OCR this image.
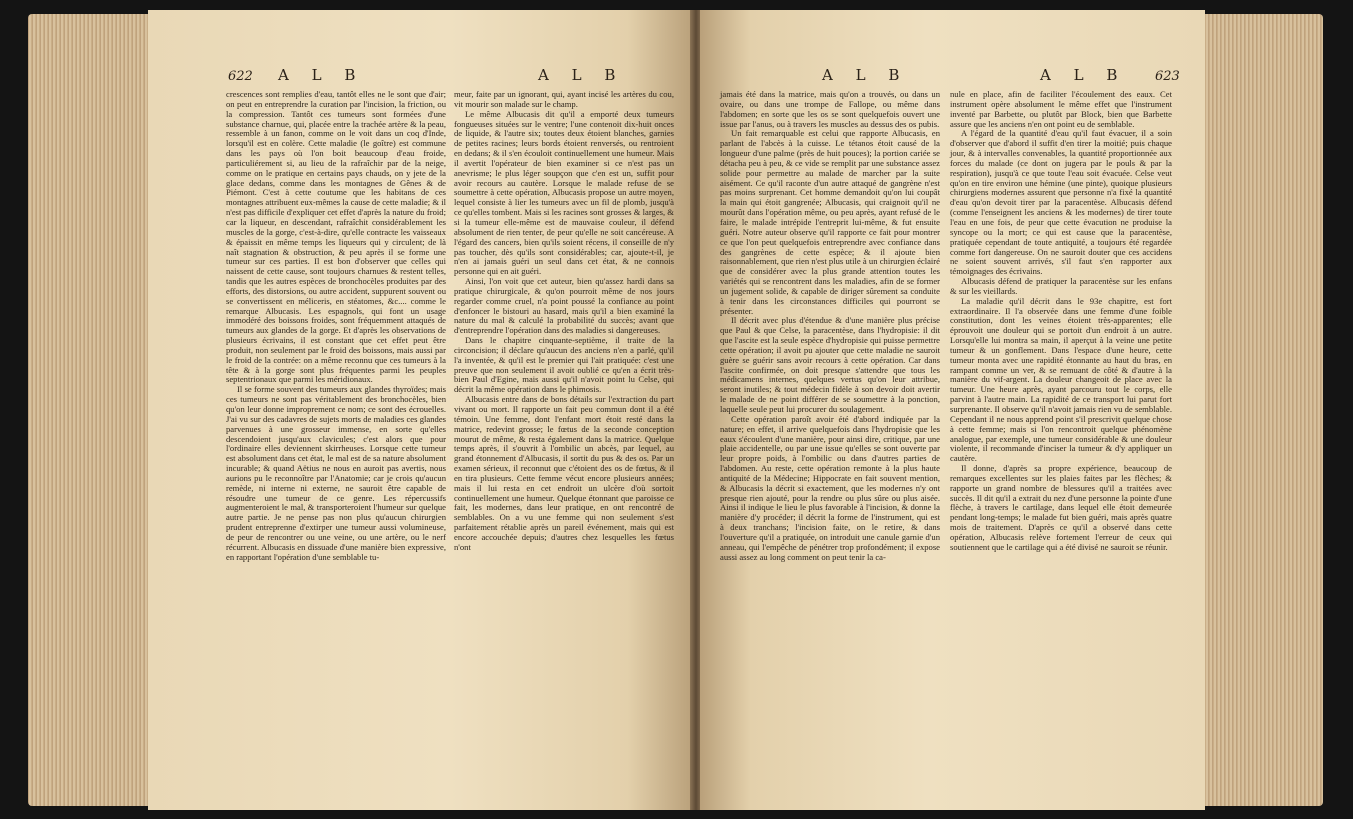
622 A L B	A L B

crescences sont remplies d'eau, tantôt elles ne le sont que d'air; on peut en entreprendre la curation par l'incision, la friction, ou la compression. Tantôt ces tumeurs sont formées d'une substance charnue, qui, placée entre la trachée artère & la peau, ressemble à un fanon, comme on le voit dans un coq d'Inde, lorsqu'il est en colère. Cette maladie (le goître) est commune dans les pays où l'on boit beaucoup d'eau froide, particuliérement si, au lieu de la rafraîchir par de la neige, comme on le pratique en certains pays chauds, on y jete de la glace dedans, comme dans les montagnes de Gênes & de Piémont. C'est à cette coutume que les habitans de ces montagnes attribuent eux-mêmes la cause de cette maladie; & il n'est pas difficile d'expliquer cet effet d'après la nature du froid; car la liqueur, en descendant, rafraîchit considérablement les muscles de la gorge, c'est-à-dire, qu'elle contracte les vaisseaux & épaissit en même temps les liqueurs qui y circulent; de là naît stagnation & obstruction, & peu après il se forme une tumeur sur ces parties. Il est bon d'observer que celles qui naissent de cette cause, sont toujours charnues & restent telles, tandis que les autres espèces de bronchocèles produites par des efforts, des distorsions, ou autre accident, suppurent souvent ou se convertissent en méliceris, en stéatomes, &c.... comme le remarque Albucasis. Les espagnols, qui font un usage immodéré des boissons froides, sont fréquemment attaqués de tumeurs aux glandes de la gorge. Et d'après les observations de plusieurs écrivains, il est constant que cet effet peut être produit, non seulement par le froid des boissons, mais aussi par le froid de la contrée: on a même reconnu que ces tumeurs à la tête & à la gorge sont plus fréquentes parmi les peuples septentrionaux que parmi les méridionaux.

Il se forme souvent des tumeurs aux glandes thyroïdes; mais ces tumeurs ne sont pas véritablement des bronchocèles, bien qu'on leur donne improprement ce nom; ce sont des écrouelles. J'ai vu sur des cadavres de sujets morts de maladies ces glandes parvenues à une grosseur immense, en sorte qu'elles descendoient jusqu'aux clavicules; c'est alors que pour l'ordinaire elles deviennent skirrheuses. Lorsque cette tumeur est absolument dans cet état, le mal est de sa nature absolument incurable; & quand Aëtius ne nous en auroit pas avertis, nous aurions pu le reconnoître par l'Anatomie; car je crois qu'aucun remède, ni interne ni externe, ne sauroit être capable de résoudre une tumeur de ce genre. Les répercussifs augmenteroient le mal, & transporteroient l'humeur sur quelque autre partie. Je ne pense pas non plus qu'aucun chirurgien prudent entreprenne d'extirper une tumeur aussi volumineuse, de peur de rencontrer ou une veine, ou une artère, ou le nerf récurrent. Albucasis en dissuade d'une manière bien expressive, en rapportant l'opération d'une semblable tu-

meur, faite par un ignorant, qui, ayant incisé les artères du cou, vit mourir son malade sur le champ.

Le même Albucasis dit qu'il a emporté deux tumeurs fongueuses situées sur le ventre; l'une contenoit dix-huit onces de liquide, & l'autre six; toutes deux étoient blanches, garnies de petites racines; leurs bords étoient renversés, ou rentroient en dedans; & il s'en écouloit continuellement une humeur. Mais il avertit l'opérateur de bien examiner si ce n'est pas un anevrisme; le plus léger soupçon que c'en est un, suffit pour avoir recours au cautère. Lorsque le malade refuse de se soumettre à cette opération, Albucasis propose un autre moyen, lequel consiste à lier les tumeurs avec un fil de plomb, jusqu'à ce qu'elles tombent. Mais si les racines sont grosses & larges, & si la tumeur elle-même est de mauvaise couleur, il défend absolument de rien tenter, de peur qu'elle ne soit cancéreuse. A l'égard des cancers, bien qu'ils soient récens, il conseille de n'y pas toucher, dès qu'ils sont considérables; car, ajoute-t-il, je n'en ai jamais guéri un seul dans cet état, & ne connois personne qui en ait guéri.

Ainsi, l'on voit que cet auteur, bien qu'assez hardi dans sa pratique chirurgicale, & qu'on pourroit même de nos jours regarder comme cruel, n'a point poussé la confiance au point d'enfoncer le bistouri au hasard, mais qu'il a bien examiné la nature du mal & calculé la probabilité du succès; avant que d'entreprendre l'opération dans des maladies si dangereuses.

Dans le chapitre cinquante-septième, il traite de la circoncision; il déclare qu'aucun des anciens n'en a parlé, qu'il l'a inventée, & qu'il est le premier qui l'ait pratiquée: c'est une preuve que non seulement il avoit oublié ce qu'en a écrit très-bien Paul d'Egine, mais aussi qu'il n'avoit point lu Celse, qui décrit la même opération dans le phimosis.

Albucasis entre dans de bons détails sur l'extraction du part vivant ou mort. Il rapporte un fait peu commun dont il a été témoin. Une femme, dont l'enfant mort étoit resté dans la matrice, redevint grosse; le fœtus de la seconde conception mourut de même, & resta également dans la matrice. Quelque temps après, il s'ouvrit à l'ombilic un abcès, par lequel, au grand étonnement d'Albucasis, il sortit du pus & des os. Par un examen sérieux, il reconnut que c'étoient des os de fœtus, & il en tira plusieurs. Cette femme vécut encore plusieurs années; mais il lui resta en cet endroit un ulcère d'où sortoit continuellement une humeur. Quelque étonnant que paroisse ce fait, les modernes, dans leur pratique, en ont rencontré de semblables. On a vu une femme qui non seulement s'est parfaitement rétablie après un pareil événement, mais qui est encore accouchée depuis; d'autres chez lesquelles les fœtus n'ont

A L B	A L B 623

jamais été dans la matrice, mais qu'on a trouvés, ou dans un ovaire, ou dans une trompe de Fallope, ou même dans l'abdomen; en sorte que les os se sont quelquefois ouvert une issue par l'anus, ou à travers les muscles au dessus des os pubis.

Un fait remarquable est celui que rapporte Albucasis, en parlant de l'abcès à la cuisse. Le tétanos étoit causé de la longueur d'une palme (près de huit pouces); la portion cariée se détacha peu à peu, & ce vide se remplit par une substance assez solide pour permettre au malade de marcher par la suite aisément. Ce qu'il raconte d'un autre attaqué de gangrène n'est pas moins surprenant. Cet homme demandoit qu'on lui coupât la main qui étoit gangrenée; Albucasis, qui craignoit qu'il ne mourût dans l'opération même, ou peu après, ayant refusé de le faire, le malade intrépide l'entreprit lui-même, & fut ensuite guéri. Notre auteur observe qu'il rapporte ce fait pour montrer ce que l'on peut quelquefois entreprendre avec confiance dans des gangrènes de cette espèce; & il ajoute bien raisonnablement, que rien n'est plus utile à un chirurgien éclairé que de considérer avec la plus grande attention toutes les variétés qui se rencontrent dans les maladies, afin de se former un jugement solide, & capable de diriger sûrement sa conduite à tenir dans les circonstances difficiles qui pourront se présenter.

Il décrit avec plus d'étendue & d'une manière plus précise que Paul & que Celse, la paracentèse, dans l'hydropisie: il dit que l'ascite est la seule espèce d'hydropisie qui puisse permettre cette opération; il avoit pu ajouter que cette maladie ne sauroit guère se guérir sans avoir recours à cette opération. Car dans l'ascite confirmée, on doit presque s'attendre que tous les médicamens internes, quelques vertus qu'on leur attribue, seront inutiles; & tout médecin fidèle à son devoir doit avertir le malade de ne point différer de se soumettre à la ponction, laquelle seule peut lui procurer du soulagement.

Cette opération paroît avoir été d'abord indiquée par la nature; en effet, il arrive quelquefois dans l'hydropisie que les eaux s'écoulent d'une manière, pour ainsi dire, critique, par une plaie accidentelle, ou par une issue qu'elles se sont ouverte par leur propre poids, à l'ombilic ou dans d'autres parties de l'abdomen. Au reste, cette opération remonte à la plus haute antiquité de la Médecine; Hippocrate en fait souvent mention, & Albucasis la décrit si exactement, que les modernes n'y ont presque rien ajouté, pour la rendre ou plus sûre ou plus aisée. Ainsi il indique le lieu le plus favorable à l'incision, & donne la manière d'y procéder; il décrit la forme de l'instrument, qui est à deux tranchans; l'incision faite, on le retire, & dans l'ouverture qu'il a pratiquée, on introduit une canule garnie d'un anneau, qui l'empêche de pénétrer trop profondément; il expose aussi assez au long comment on peut tenir la ca-

nule en place, afin de faciliter l'écoulement des eaux. Cet instrument opère absolument le même effet que l'instrument inventé par Barbette, ou plutôt par Block, bien que Barbette assure que les anciens n'en ont point eu de semblable.

A l'égard de la quantité d'eau qu'il faut évacuer, il a soin d'observer que d'abord il suffit d'en tirer la moitié; puis chaque jour, & à intervalles convenables, la quantité proportionnée aux forces du malade (ce dont on jugera par le pouls & par la respiration), jusqu'à ce que toute l'eau soit évacuée. Celse veut qu'on en tire environ une hémine (une pinte), quoique plusieurs chirurgiens modernes assurent que personne n'a fixé la quantité d'eau qu'on devoit tirer par la paracentèse. Albucasis défend (comme l'enseignent les anciens & les modernes) de tirer toute l'eau en une fois, de peur que cette évacution ne produise la syncope ou la mort; ce qui est cause que la paracentèse, pratiquée cependant de toute antiquité, a toujours été regardée comme fort dangereuse. On ne sauroit douter que ces accidens ne soient souvent arrivés, s'il faut s'en rapporter aux témoignages des écrivains.

Albucasis défend de pratiquer la paracentèse sur les enfans & sur les vieillards.

La maladie qu'il décrit dans le 93e chapitre, est fort extraordinaire. Il l'a observée dans une femme d'une foible constitution, dont les veines étoient très-apparentes; elle éprouvoit une douleur qui se portoit d'un endroit à un autre. Lorsqu'elle lui montra sa main, il aperçut à la veine une petite tumeur & un gonflement. Dans l'espace d'une heure, cette tumeur monta avec une rapidité étonnante au haut du bras, en rampant comme un ver, & se remuant de côté & d'autre à la manière du vif-argent. La douleur changeoit de place avec la tumeur. Une heure après, ayant parcouru tout le corps, elle parvint à l'autre main. La rapidité de ce transport lui parut fort surprenante. Il observe qu'il n'avoit jamais rien vu de semblable. Cependant il ne nous apprend point s'il prescrivit quelque chose à cette femme; mais si l'on rencontroit quelque phénomène analogue, par exemple, une tumeur considérable & une douleur violente, il recommande d'inciser la tumeur & d'y appliquer un cautère.

Il donne, d'après sa propre expérience, beaucoup de remarques excellentes sur les plaies faites par les flèches; & rapporte un grand nombre de blessures qu'il a traitées avec succès. Il dit qu'il a extrait du nez d'une personne la pointe d'une flèche, à travers le cartilage, dans lequel elle étoit demeurée pendant long-temps; le malade fut bien guéri, mais après quatre mois de traitement. D'après ce qu'il a observé dans cette opération, Albucasis relève fortement l'erreur de ceux qui soutiennent que le cartilage qui a été divisé ne sauroit se réunir.
